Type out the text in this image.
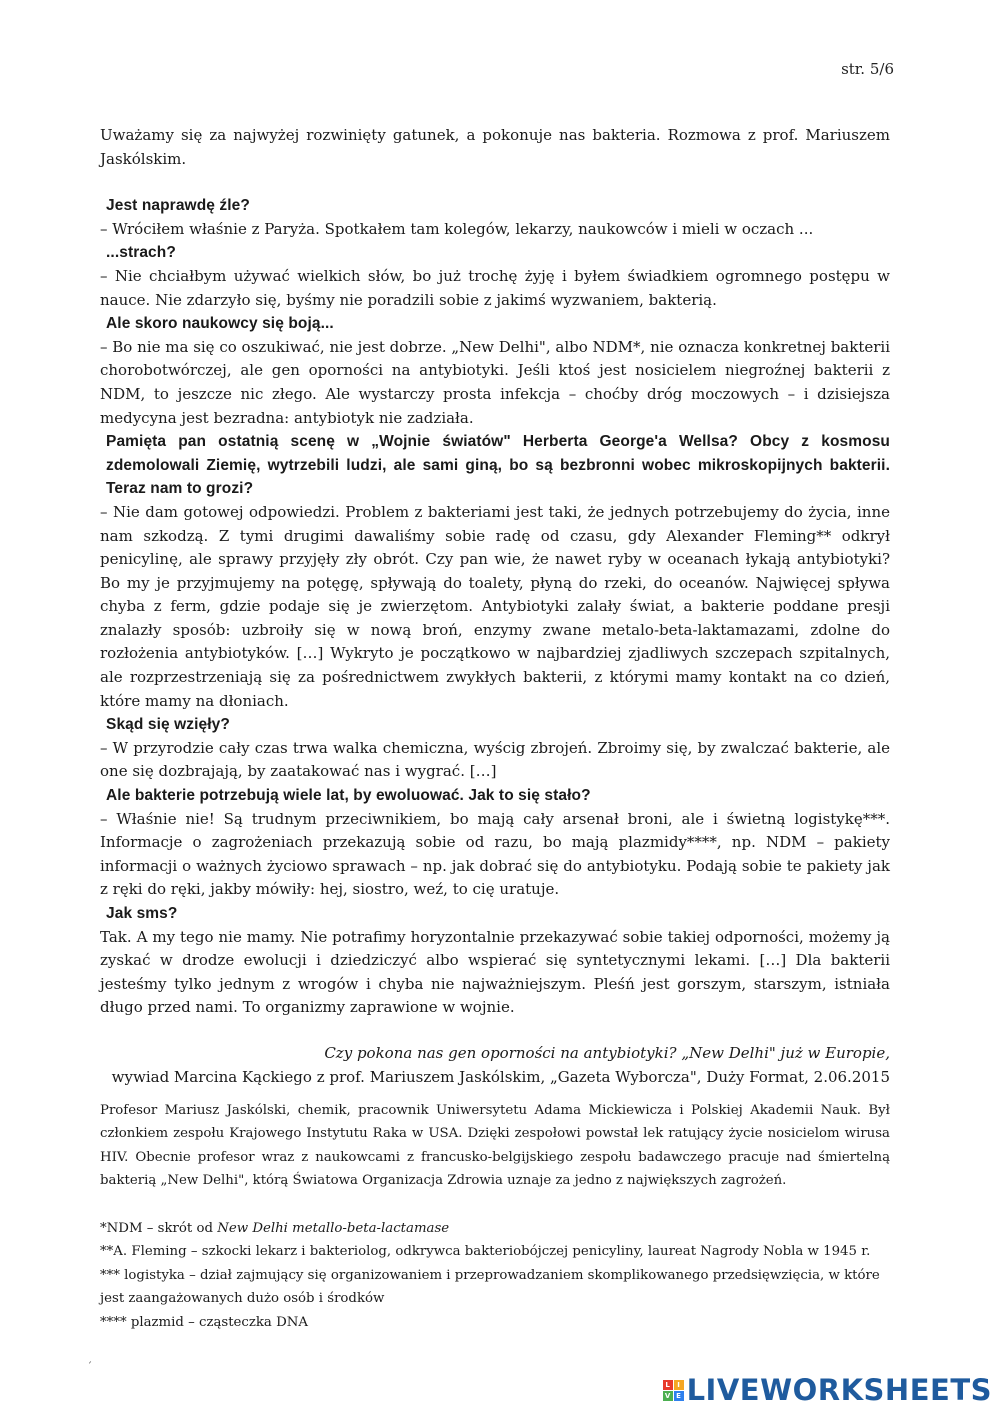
str. 5/6

Uważamy się za najwyżej rozwinięty gatunek, a pokonuje nas bakteria. Rozmowa z prof. Mariuszem Jaskólskim.

Jest naprawdę źle?

– Wróciłem właśnie z Paryża. Spotkałem tam kolegów, lekarzy, naukowców i mieli w oczach ...

...strach?

– Nie chciałbym używać wielkich słów, bo już trochę żyję i byłem świadkiem ogromnego postępu w nauce. Nie zdarzyło się, byśmy nie poradzili sobie z jakimś wyzwaniem, bakterią.

Ale skoro naukowcy się boją...

– Bo nie ma się co oszukiwać, nie jest dobrze. „New Delhi", albo NDM*, nie oznacza konkretnej bakterii chorobotwórczej, ale gen oporności na antybiotyki. Jeśli ktoś jest nosicielem niegroźnej bakterii z NDM, to jeszcze nic złego. Ale wystarczy prosta infekcja – choćby dróg moczowych – i dzisiejsza medycyna jest bezradna: antybiotyk nie zadziała.

Pamięta pan ostatnią scenę w „Wojnie światów" Herberta George'a Wellsa? Obcy z kosmosu zdemolowali Ziemię, wytrzebili ludzi, ale sami giną, bo są bezbronni wobec mikroskopijnych bakterii. Teraz nam to grozi?

– Nie dam gotowej odpowiedzi. Problem z bakteriami jest taki, że jednych potrzebujemy do życia, inne nam szkodzą. Z tymi drugimi dawaliśmy sobie radę od czasu, gdy Alexander Fleming** odkrył penicylinę, ale sprawy przyjęły zły obrót. Czy pan wie, że nawet ryby w oceanach łykają antybiotyki? Bo my je przyjmujemy na potęgę, spływają do toalety, płyną do rzeki, do oceanów. Najwięcej spływa chyba z ferm, gdzie podaje się je zwierzętom. Antybiotyki zalały świat, a bakterie poddane presji znalazły sposób: uzbroiły się w nową broń, enzymy zwane metalo-beta-laktamazami, zdolne do rozłożenia antybiotyków. […] Wykryto je początkowo w najbardziej zjadliwych szczepach szpitalnych, ale rozprzestrzeniają się za pośrednictwem zwykłych bakterii, z którymi mamy kontakt na co dzień, które mamy na dłoniach.

Skąd się wzięły?

– W przyrodzie cały czas trwa walka chemiczna, wyścig zbrojeń. Zbroimy się, by zwalczać bakterie, ale one się dozbrajają, by zaatakować nas i wygrać. […]

Ale bakterie potrzebują wiele lat, by ewoluować. Jak to się stało?

– Właśnie nie! Są trudnym przeciwnikiem, bo mają cały arsenał broni, ale i świetną logistykę***. Informacje o zagrożeniach przekazują sobie od razu, bo mają plazmidy****, np. NDM – pakiety informacji o ważnych życiowo sprawach – np. jak dobrać się do antybiotyku. Podają sobie te pakiety jak z ręki do ręki, jakby mówiły: hej, siostro, weź, to cię uratuje.

Jak sms?

Tak. A my tego nie mamy. Nie potrafimy horyzontalnie przekazywać sobie takiej odporności, możemy ją zyskać w drodze ewolucji i dziedziczyć albo wspierać się syntetycznymi lekami. […] Dla bakterii jesteśmy tylko jednym z wrogów i chyba nie najważniejszym. Pleśń jest gorszym, starszym, istniała długo przed nami. To organizmy zaprawione w wojnie.

Czy pokona nas gen oporności na antybiotyki? „New Delhi" już w Europie,
wywiad Marcina Kąckiego z prof. Mariuszem Jaskólskim, „Gazeta Wyborcza", Duży Format, 2.06.2015

Profesor Mariusz Jaskólski, chemik, pracownik Uniwersytetu Adama Mickiewicza i Polskiej Akademii Nauk. Był członkiem zespołu Krajowego Instytutu Raka w USA. Dzięki zespołowi powstał lek ratujący życie nosicielom wirusa HIV. Obecnie profesor wraz z naukowcami z francusko-belgijskiego zespołu badawczego pracuje nad śmiertelną bakterią „New Delhi", którą Światowa Organizacja Zdrowia uznaje za jedno z największych zagrożeń.

*NDM – skrót od New Delhi metallo-beta-lactamase
**A. Fleming – szkocki lekarz i bakteriolog, odkrywca bakteriobójczej penicyliny, laureat Nagrody Nobla w 1945 r.
*** logistyka – dział zajmujący się organizowaniem i przeprowadzaniem skomplikowanego przedsięwzięcia, w które jest zaangażowanych dużo osób i środków
**** plazmid – cząsteczka DNA
´
L	I
V E LIVEWORKSHEETS
